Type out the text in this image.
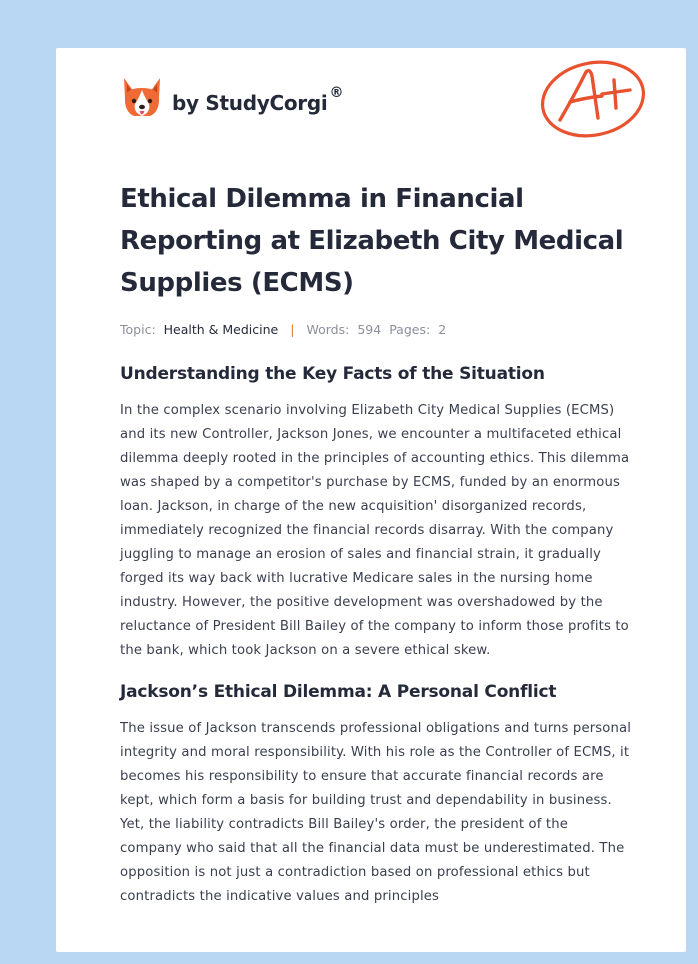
by StudyCorgi ®
Ethical Dilemma in Financial Reporting at Elizabeth City Medical Supplies (ECMS)
Topic: Health & Medicine | Words: 594 Pages: 2
Understanding the Key Facts of the Situation

In the complex scenario involving Elizabeth City Medical Supplies (ECMS) and its new Controller, Jackson Jones, we encounter a multifaceted ethical dilemma deeply rooted in the principles of accounting ethics. This dilemma was shaped by a competitor's purchase by ECMS, funded by an enormous loan. Jackson, in charge of the new acquisition' disorganized records, immediately recognized the financial records disarray. With the company juggling to manage an erosion of sales and financial strain, it gradually forged its way back with lucrative Medicare sales in the nursing home industry. However, the positive development was overshadowed by the reluctance of President Bill Bailey of the company to inform those profits to the bank, which took Jackson on a severe ethical skew.

Jackson’s Ethical Dilemma: A Personal Conflict

The issue of Jackson transcends professional obligations and turns personal integrity and moral responsibility. With his role as the Controller of ECMS, it becomes his responsibility to ensure that accurate financial records are kept, which form a basis for building trust and dependability in business. Yet, the liability contradicts Bill Bailey's order, the president of the company who said that all the financial data must be underestimated. The opposition is not just a contradiction based on professional ethics but contradicts the indicative values and principles
